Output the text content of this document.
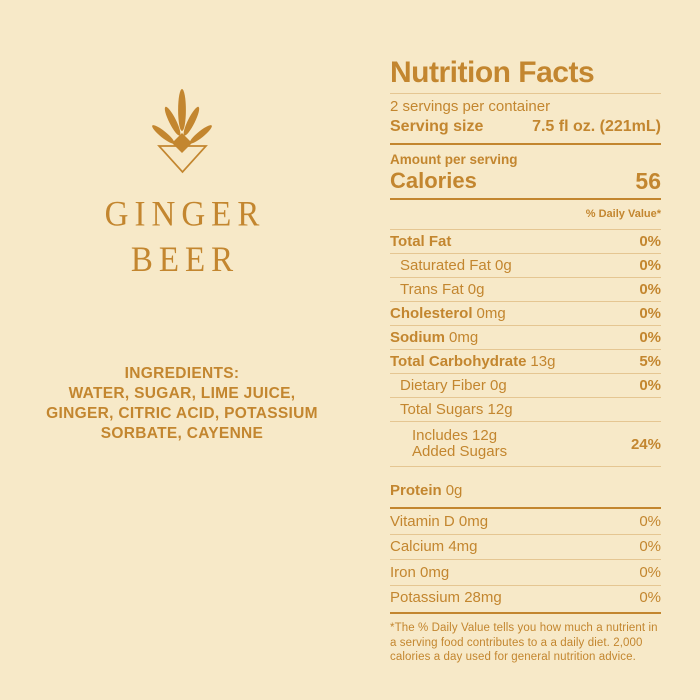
GINGER
BEER
INGREDIENTS:
WATER, SUGAR, LIME JUICE,
GINGER, CITRIC ACID, POTASSIUM
SORBATE, CAYENNE
Nutrition Facts
2 servings per container
Serving size	7.5 fl oz. (221mL)
Amount per serving
Calories	56
% Daily Value*
Total Fat	0%
Saturated Fat 0g	0%
Trans Fat 0g	0%
Cholesterol 0mg	0%
Sodium 0mg	0%
Total Carbohydrate 13g	5%
Dietary Fiber 0g	0%
Total Sugars 12g
Includes 12g
Added Sugars	24%
Protein 0g
Vitamin D 0mg	0%
Calcium 4mg	0%
Iron 0mg	0%
Potassium 28mg	0%
*The % Daily Value tells you how much a nutrient in a serving food contributes to a a daily diet. 2,000 calories a day used for general nutrition advice.
